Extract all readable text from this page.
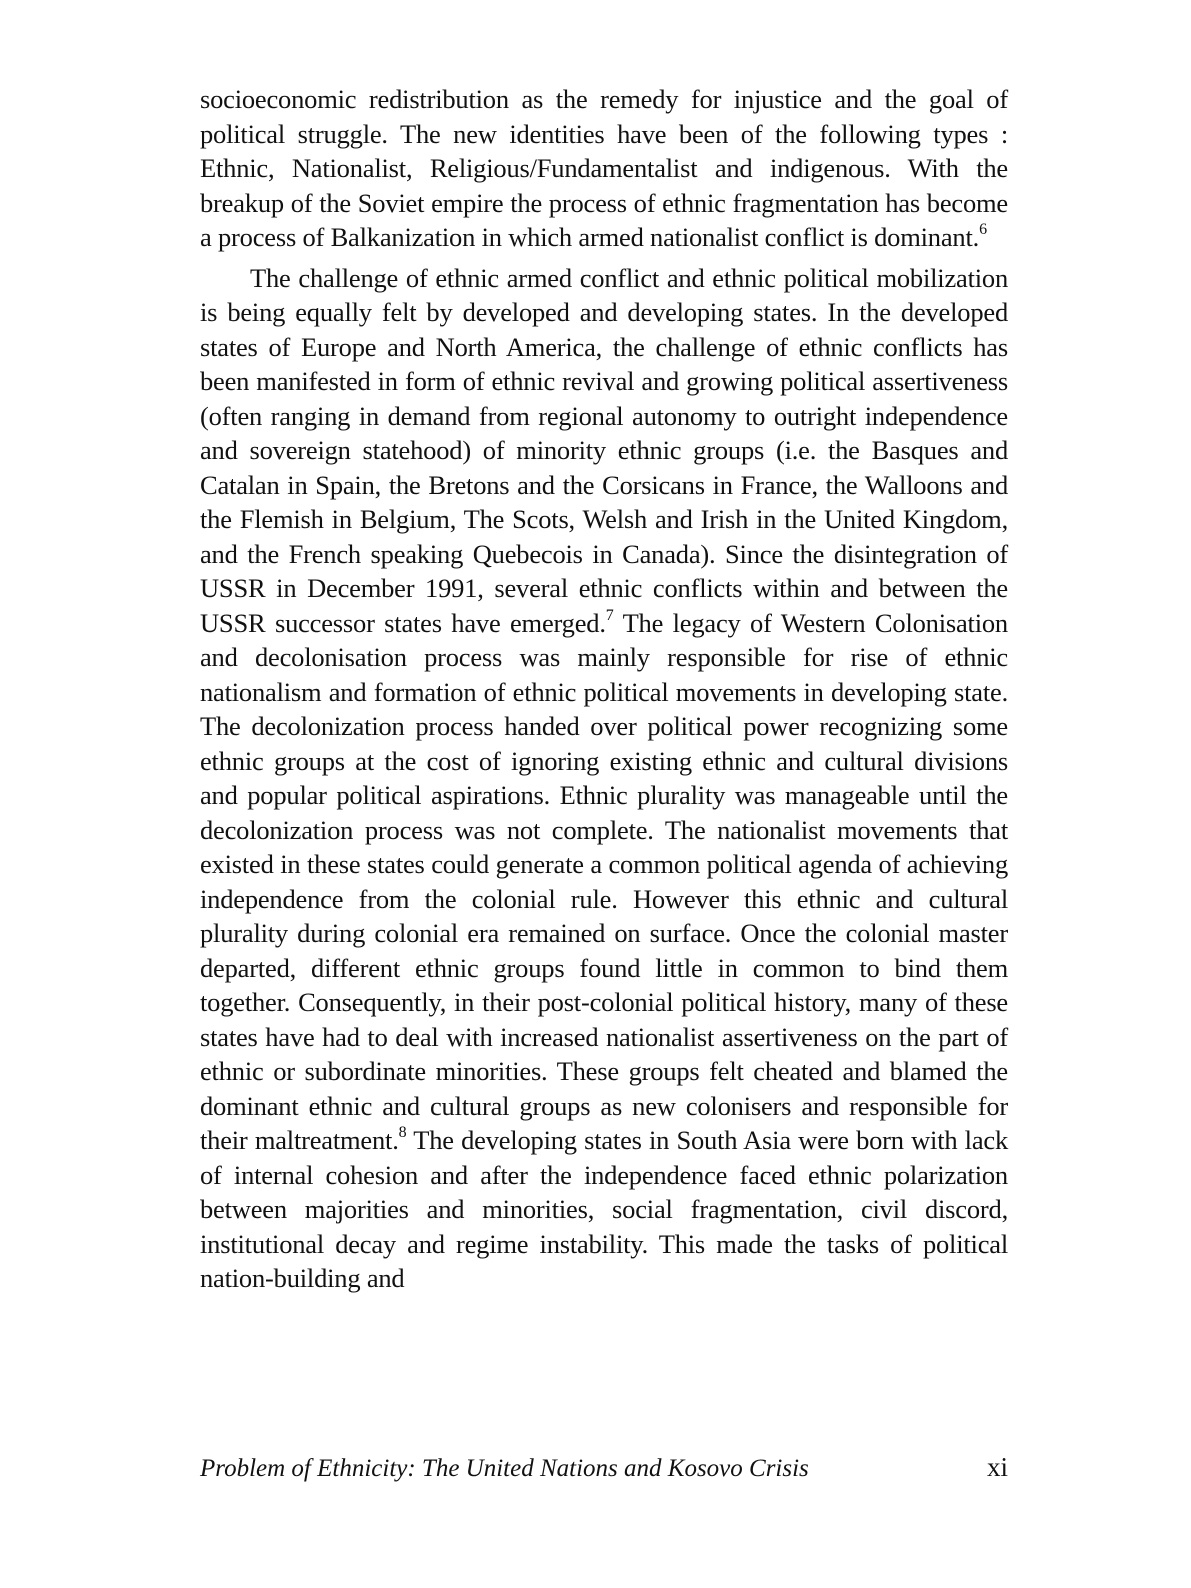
socioeconomic redistribution as the remedy for injustice and the goal of political struggle. The new identities have been of the following types : Ethnic, Nationalist, Religious/Fundamentalist and indigenous. With the breakup of the Soviet empire the process of ethnic fragmentation has become a process of Balkanization in which armed nationalist conflict is dominant.$^6$

The challenge of ethnic armed conflict and ethnic political mobilization is being equally felt by developed and developing states. In the developed states of Europe and North America, the challenge of ethnic conflicts has been manifested in form of ethnic revival and growing political assertiveness (often ranging in demand from regional autonomy to outright independence and sovereign statehood) of minority ethnic groups (i.e. the Basques and Catalan in Spain, the Bretons and the Corsicans in France, the Walloons and the Flemish in Belgium, The Scots, Welsh and Irish in the United Kingdom, and the French speaking Quebecois in Canada). Since the disintegration of USSR in December 1991, several ethnic conflicts within and between the USSR successor states have emerged.$^7$ The legacy of Western Colonisation and decolonisation process was mainly responsible for rise of ethnic nationalism and formation of ethnic political movements in developing state. The decolonization process handed over political power recognizing some ethnic groups at the cost of ignoring existing ethnic and cultural divisions and popular political aspirations. Ethnic plurality was manageable until the decolonization process was not complete. The nationalist movements that existed in these states could generate a common political agenda of achieving independence from the colonial rule. However this ethnic and cultural plurality during colonial era remained on surface. Once the colonial master departed, different ethnic groups found little in common to bind them together. Consequently, in their post-colonial political history, many of these states have had to deal with increased nationalist assertiveness on the part of ethnic or subordinate minorities. These groups felt cheated and blamed the dominant ethnic and cultural groups as new colonisers and responsible for their maltreatment.$^8$ The developing states in South Asia were born with lack of internal cohesion and after the independence faced ethnic polarization between majorities and minorities, social fragmentation, civil discord, institutional decay and regime instability. This made the tasks of political nation-building and

Problem of Ethnicity: The United Nations and Kosovo Crisis	xi
